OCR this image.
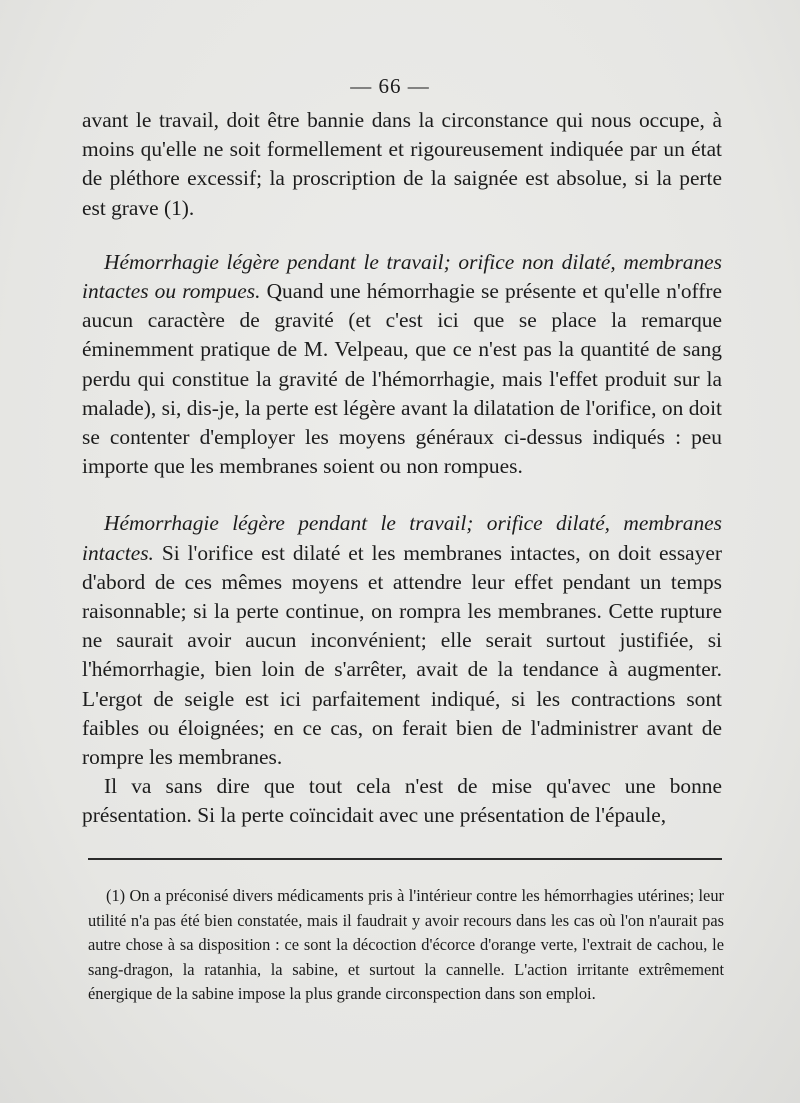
— 66 —

avant le travail, doit être bannie dans la circonstance qui nous occupe, à moins qu'elle ne soit formellement et rigoureusement indiquée par un état de pléthore excessif; la proscription de la saignée est absolue, si la perte est grave (1).

Hémorrhagie légère pendant le travail; orifice non dilaté, membranes intactes ou rompues. Quand une hémorrhagie se présente et qu'elle n'offre aucun caractère de gravité (et c'est ici que se place la remarque éminemment pratique de M. Velpeau, que ce n'est pas la quantité de sang perdu qui constitue la gravité de l'hémorrhagie, mais l'effet produit sur la malade), si, dis-je, la perte est légère avant la dilatation de l'orifice, on doit se contenter d'employer les moyens généraux ci-dessus indiqués : peu importe que les membranes soient ou non rompues.

Hémorrhagie légère pendant le travail; orifice dilaté, membranes intactes. Si l'orifice est dilaté et les membranes intactes, on doit essayer d'abord de ces mêmes moyens et attendre leur effet pendant un temps raisonnable; si la perte continue, on rompra les membranes. Cette rupture ne saurait avoir aucun inconvénient; elle serait surtout justifiée, si l'hémorrhagie, bien loin de s'arrêter, avait de la tendance à augmenter. L'ergot de seigle est ici parfaitement indiqué, si les contractions sont faibles ou éloignées; en ce cas, on ferait bien de l'administrer avant de rompre les membranes.

Il va sans dire que tout cela n'est de mise qu'avec une bonne présentation. Si la perte coïncidait avec une présentation de l'épaule,

(1) On a préconisé divers médicaments pris à l'intérieur contre les hémorrhagies utérines; leur utilité n'a pas été bien constatée, mais il faudrait y avoir recours dans les cas où l'on n'aurait pas autre chose à sa disposition : ce sont la décoction d'écorce d'orange verte, l'extrait de cachou, le sang-dragon, la ratanhia, la sabine, et surtout la cannelle. L'action irritante extrêmement énergique de la sabine impose la plus grande circonspection dans son emploi.
